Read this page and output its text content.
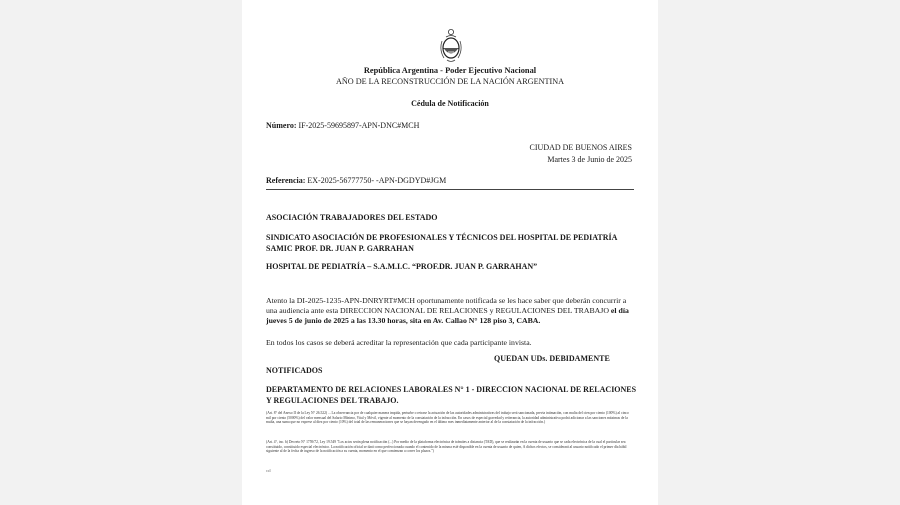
República Argentina - Poder Ejecutivo Nacional
AÑO DE LA RECONSTRUCCIÓN DE LA NACIÓN ARGENTINA
Cédula de Notificación
Número: IF-2025-59695897-APN-DNC#MCH
CIUDAD DE BUENOS AIRES
Martes 3 de Junio de 2025
Referencia: EX-2025-56777750- -APN-DGDYD#JGM
ASOCIACIÓN TRABAJADORES DEL ESTADO
SINDICATO ASOCIACIÓN DE PROFESIONALES Y TÉCNICOS DEL HOSPITAL DE PEDIATRÍA SAMIC PROF. DR. JUAN P. GARRAHAN
HOSPITAL DE PEDIATRÍA – S.A.M.I.C. “PROF.DR. JUAN P. GARRAHAN”
Atento la DI-2025-1235-APN-DNRYRT#MCH oportunamente notificada se les hace saber que deberán concurrir a una audiencia ante esta DIRECCION NACIONAL DE RELACIONES y REGULACIONES DEL TRABAJO el día jueves 5 de junio de 2025 a las 13.30 horas, sita en Av. Callao N° 128 piso 3, CABA.
En todos los casos se deberá acreditar la representación que cada participante invista.
QUEDAN UDs. DEBIDAMENTE
NOTIFICADOS
DEPARTAMENTO DE RELACIONES LABORALES N° 1 - DIRECCION NACIONAL DE RELACIONES Y REGULACIONES DEL TRABAJO.
(Art. 8° del Anexo II de la Ley N° 26.522) ... La observancia por de cualquier manera impida, perturbe o retrase la actuación de las autoridades administrativas del trabajo será sancionada, previa intimación, con multa del cien por ciento (100%) al cinco mil por ciento (5000%) del valor mensual del Salario Mínimo, Vital y Móvil, vigente al momento de la constatación de la infracción. En casos de especial gravedad y reiterancia, la autoridad administrativa podrá adicionar a las sanciones máximas de la multa, una suma que no exprese al diez por ciento (10%) del total de las remuneraciones que se hayan devengado en el último mes inmediatamente anterior al de la constatación de la infracción.)
(Art. 4°, inc. b) Decreto N° 1759/72, Ley 19.549 "Los actos serán plena notificación (...) Por medio de la plataforma electrónica de trámites a distancia (TAD), que se realizarán en la cuenta de usuario que se cada electrónica de la cual el particular sea constituido, constituido especial electrónico. La notificación oficial se dará como perfeccionada cuando el contenido de la misma esté disponible en la cuenta de usuario de quien, A dichos efectos, se considerará al usuario notificado el primer día hábil siguiente al de la fecha de ingreso de la notificación a su cuenta, momento en el que comienzan a correr los plazos.")
ccl
